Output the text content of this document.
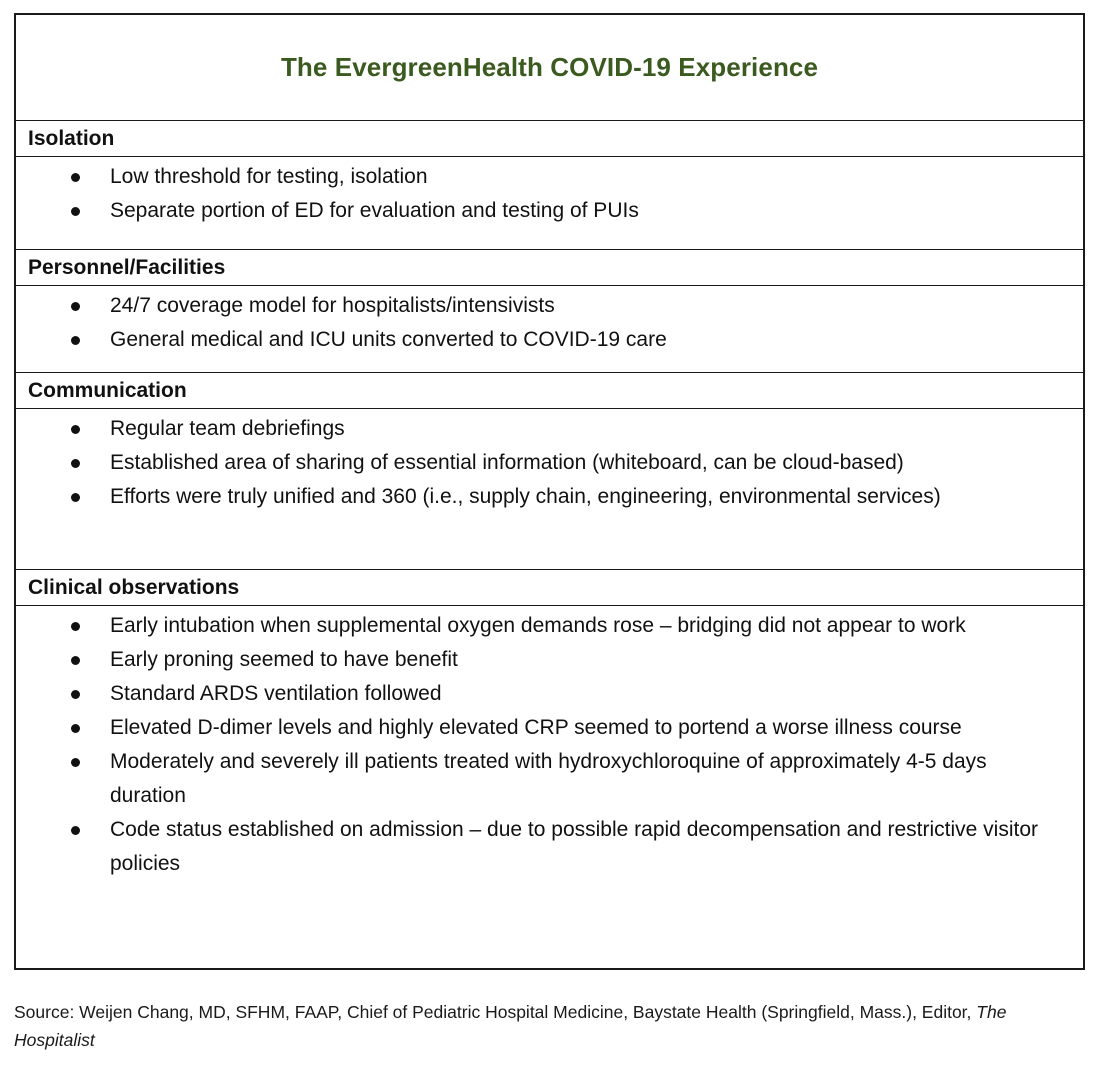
The EvergreenHealth COVID-19 Experience
Isolation
Low threshold for testing, isolation
Separate portion of ED for evaluation and testing of PUIs
Personnel/Facilities
24/7 coverage model for hospitalists/intensivists
General medical and ICU units converted to COVID-19 care
Communication
Regular team debriefings
Established area of sharing of essential information (whiteboard, can be cloud-based)
Efforts were truly unified and 360 (i.e., supply chain, engineering, environmental services)
Clinical observations
Early intubation when supplemental oxygen demands rose – bridging did not appear to work
Early proning seemed to have benefit
Standard ARDS ventilation followed
Elevated D-dimer levels and highly elevated CRP seemed to portend a worse illness course
Moderately and severely ill patients treated with hydroxychloroquine of approximately 4-5 days duration
Code status established on admission – due to possible rapid decompensation and restrictive visitor policies
Source: Weijen Chang, MD, SFHM, FAAP, Chief of Pediatric Hospital Medicine, Baystate Health (Springfield, Mass.), Editor, The Hospitalist
